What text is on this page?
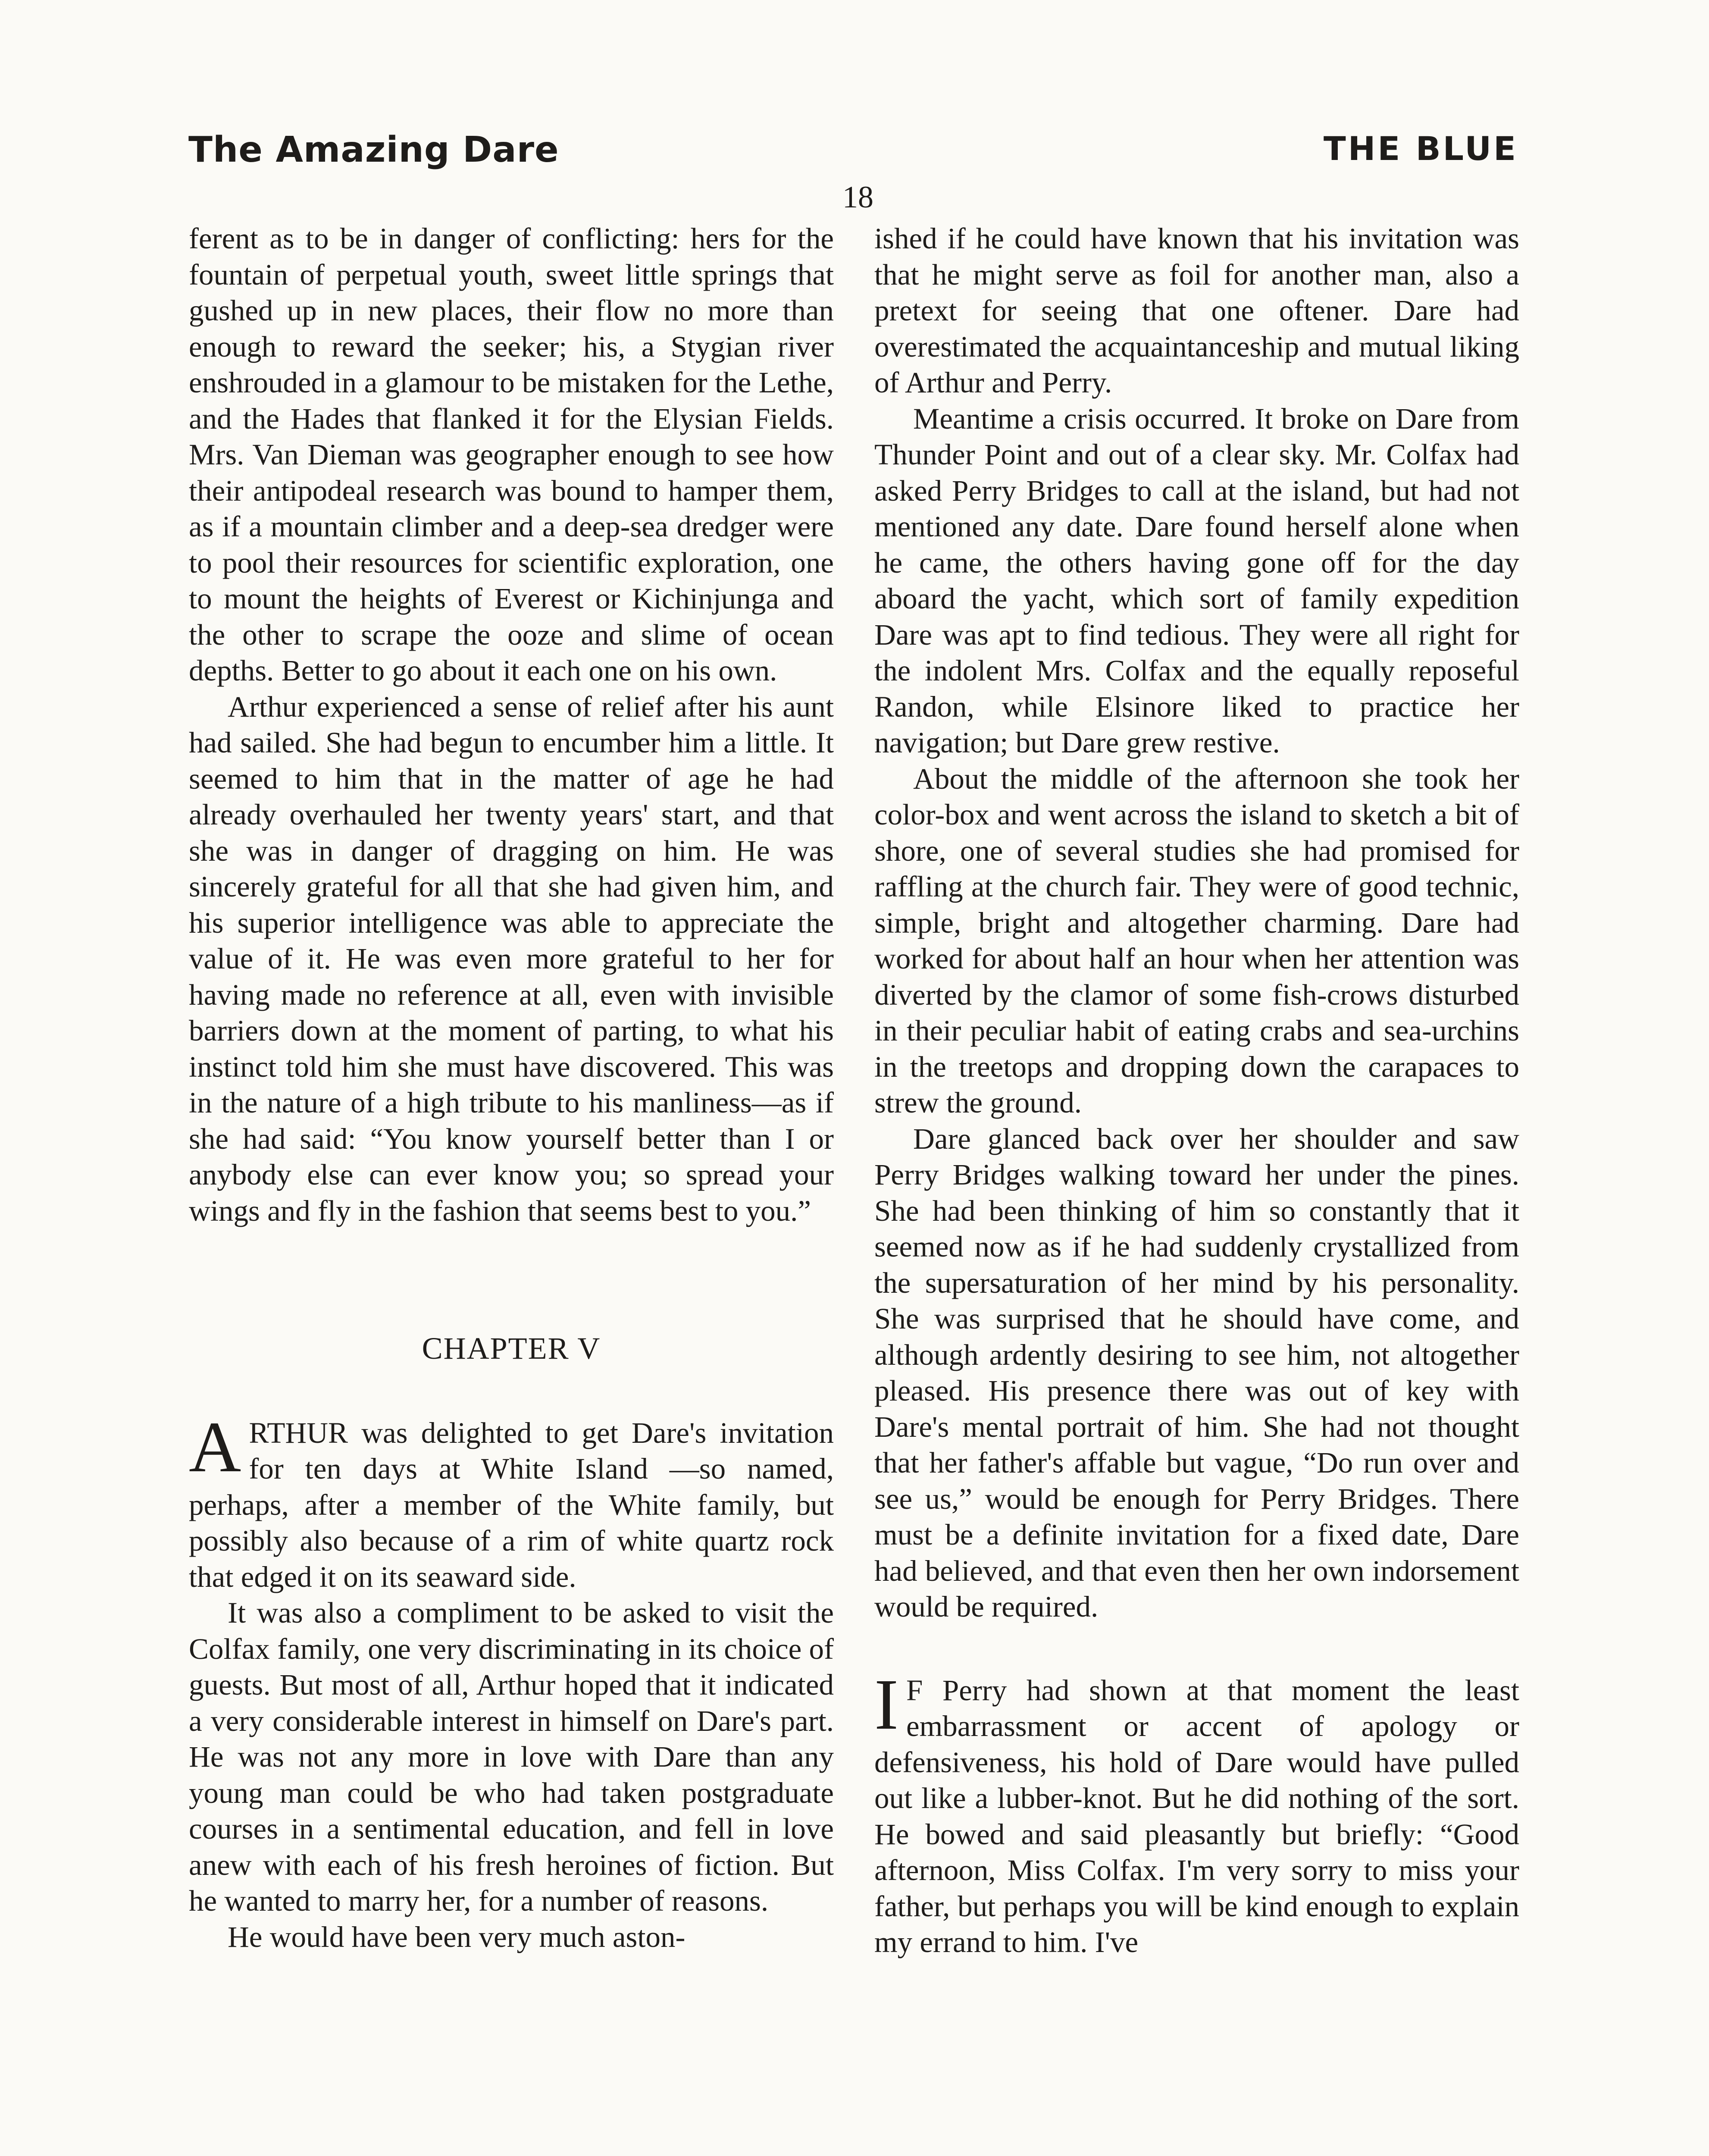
The Amazing Dare	THE BLUE
18

ferent as to be in danger of conflicting: hers for the fountain of perpetual youth, sweet little springs that gushed up in new places, their flow no more than enough to reward the seeker; his, a Stygian river enshrouded in a glamour to be mistaken for the Lethe, and the Hades that flanked it for the Elysian Fields. Mrs. Van Dieman was geographer enough to see how their antipodeal research was bound to hamper them, as if a mountain climber and a deep-sea dredger were to pool their resources for scientific exploration, one to mount the heights of Everest or Kichinjunga and the other to scrape the ooze and slime of ocean depths. Better to go about it each one on his own.

Arthur experienced a sense of relief after his aunt had sailed. She had begun to encumber him a little. It seemed to him that in the matter of age he had already overhauled her twenty years' start, and that she was in danger of dragging on him. He was sincerely grateful for all that she had given him, and his superior intelligence was able to appreciate the value of it. He was even more grateful to her for having made no reference at all, even with invisible barriers down at the moment of parting, to what his instinct told him she must have discovered. This was in the nature of a high tribute to his manliness—as if she had said: “You know yourself better than I or anybody else can ever know you; so spread your wings and fly in the fashion that seems best to you.”

CHAPTER V

ARTHUR was delighted to get Dare's invitation for ten days at White Island —so named, perhaps, after a member of the White family, but possibly also because of a rim of white quartz rock that edged it on its seaward side.

It was also a compliment to be asked to visit the Colfax family, one very discriminating in its choice of guests. But most of all, Arthur hoped that it indicated a very considerable interest in himself on Dare's part. He was not any more in love with Dare than any young man could be who had taken postgraduate courses in a sentimental education, and fell in love anew with each of his fresh heroines of fiction. But he wanted to marry her, for a number of reasons.

He would have been very much aston-

ished if he could have known that his invitation was that he might serve as foil for another man, also a pretext for seeing that one oftener. Dare had overestimated the acquaintanceship and mutual liking of Arthur and Perry.

Meantime a crisis occurred. It broke on Dare from Thunder Point and out of a clear sky. Mr. Colfax had asked Perry Bridges to call at the island, but had not mentioned any date. Dare found herself alone when he came, the others having gone off for the day aboard the yacht, which sort of family expedition Dare was apt to find tedious. They were all right for the indolent Mrs. Colfax and the equally reposeful Randon, while Elsinore liked to practice her navigation; but Dare grew restive.

About the middle of the afternoon she took her color-box and went across the island to sketch a bit of shore, one of several studies she had promised for raffling at the church fair. They were of good technic, simple, bright and altogether charming. Dare had worked for about half an hour when her attention was diverted by the clamor of some fish-crows disturbed in their peculiar habit of eating crabs and sea-urchins in the treetops and dropping down the carapaces to strew the ground.

Dare glanced back over her shoulder and saw Perry Bridges walking toward her under the pines. She had been thinking of him so constantly that it seemed now as if he had suddenly crystallized from the supersaturation of her mind by his personality. She was surprised that he should have come, and although ardently desiring to see him, not altogether pleased. His presence there was out of key with Dare's mental portrait of him. She had not thought that her father's affable but vague, “Do run over and see us,” would be enough for Perry Bridges. There must be a definite invitation for a fixed date, Dare had believed, and that even then her own indorsement would be required.

I F Perry had shown at that moment the least embarrassment or accent of apology or defensiveness, his hold of Dare would have pulled out like a lubber-knot. But he did nothing of the sort. He bowed and said pleasantly but briefly: “Good afternoon, Miss Colfax. I'm very sorry to miss your father, but perhaps you will be kind enough to explain my errand to him. I've
